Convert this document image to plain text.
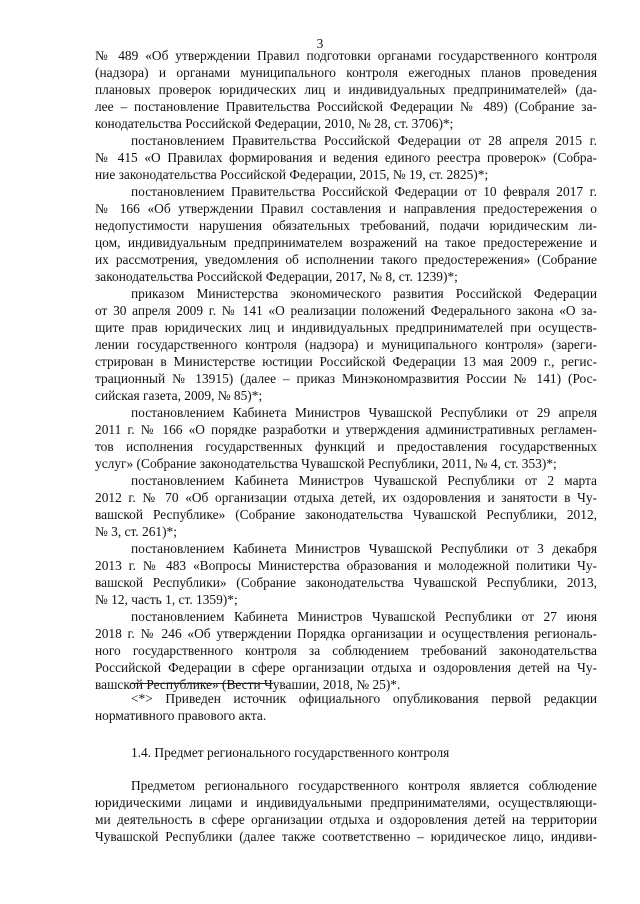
3
№ 489 «Об утверждении Правил подготовки органами государственного контроля
(надзора) и органами муниципального контроля ежегодных планов проведения
плановых проверок юридических лиц и индивидуальных предпринимателей» (да-
лее – постановление Правительства Российской Федерации № 489) (Собрание за-
конодательства Российской Федерации, 2010, № 28, ст. 3706)*;
постановлением Правительства Российской Федерации от 28 апреля 2015 г.
№ 415 «О Правилах формирования и ведения единого реестра проверок» (Собра-
ние законодательства Российской Федерации, 2015, № 19, ст. 2825)*;
постановлением Правительства Российской Федерации от 10 февраля 2017 г.
№ 166 «Об утверждении Правил составления и направления предостережения о
недопустимости нарушения обязательных требований, подачи юридическим ли-
цом, индивидуальным предпринимателем возражений на такое предостережение и
их рассмотрения, уведомления об исполнении такого предостережения» (Собрание
законодательства Российской Федерации, 2017, № 8, ст. 1239)*;
приказом Министерства экономического развития Российской Федерации
от 30 апреля 2009 г. № 141 «О реализации положений Федерального закона «О за-
щите прав юридических лиц и индивидуальных предпринимателей при осуществ-
лении государственного контроля (надзора) и муниципального контроля» (зареги-
стрирован в Министерстве юстиции Российской Федерации 13 мая 2009 г., регис-
трационный № 13915) (далее – приказ Минэкономразвития России № 141) (Рос-
сийская газета, 2009, № 85)*;
постановлением Кабинета Министров Чувашской Республики от 29 апреля
2011 г. № 166 «О порядке разработки и утверждения административных регламен-
тов исполнения государственных функций и предоставления государственных
услуг» (Собрание законодательства Чувашской Республики, 2011, № 4, ст. 353)*;
постановлением Кабинета Министров Чувашской Республики от 2 марта
2012 г. № 70 «Об организации отдыха детей, их оздоровления и занятости в Чу-
вашской Республике» (Собрание законодательства Чувашской Республики, 2012,
№ 3, ст. 261)*;
постановлением Кабинета Министров Чувашской Республики от 3 декабря
2013 г. № 483 «Вопросы Министерства образования и молодежной политики Чу-
вашской Республики» (Собрание законодательства Чувашской Республики, 2013,
№ 12, часть 1, ст. 1359)*;
постановлением Кабинета Министров Чувашской Республики от 27 июня
2018 г. № 246 «Об утверждении Порядка организации и осуществления региональ-
ного государственного контроля за соблюдением требований законодательства
Российской Федерации в сфере организации отдыха и оздоровления детей на Чу-
вашской Республике» (Вести Чувашии, 2018, № 25)*.
<*> Приведен источник официального опубликования первой редакции
нормативного правового акта.
1.4. Предмет регионального государственного контроля
Предметом регионального государственного контроля является соблюдение
юридическими лицами и индивидуальными предпринимателями, осуществляющи-
ми деятельность в сфере организации отдыха и оздоровления детей на территории
Чувашской Республики (далее также соответственно – юридическое лицо, индиви-
